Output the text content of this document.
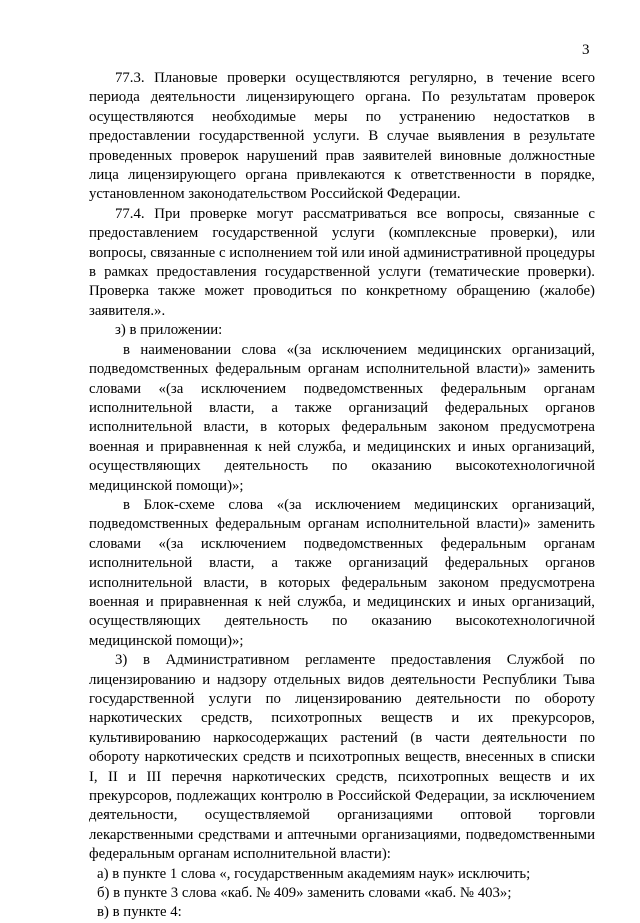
3

77.3. Плановые проверки осуществляются регулярно, в течение всего периода деятельности лицензирующего органа. По результатам проверок осуществляются необходимые меры по устранению недостатков в предоставлении государственной услуги. В случае выявления в результате проведенных проверок нарушений прав заявителей виновные должностные лица лицензирующего органа привлекаются к ответственности в порядке, установленном законодательством Российской Федерации.

77.4. При проверке могут рассматриваться все вопросы, связанные с предоставлением государственной услуги (комплексные проверки), или вопросы, связанные с исполнением той или иной административной процедуры в рамках предоставления государственной услуги (тематические проверки). Проверка также может проводиться по конкретному обращению (жалобе) заявителя.».

з) в приложении:

в наименовании слова «(за исключением медицинских организаций, подведомственных федеральным органам исполнительной власти)» заменить словами «(за исключением подведомственных федеральным органам исполнительной власти, а также организаций федеральных органов исполнительной власти, в которых федеральным законом предусмотрена военная и приравненная к ней служба, и медицинских и иных организаций, осуществляющих деятельность по оказанию высокотехнологичной медицинской помощи)»;

в Блок-схеме слова «(за исключением медицинских организаций, подведомственных федеральным органам исполнительной власти)» заменить словами «(за исключением подведомственных федеральным органам исполнительной власти, а также организаций федеральных органов исполнительной власти, в которых федеральным законом предусмотрена военная и приравненная к ней служба, и медицинских и иных организаций, осуществляющих деятельность по оказанию высокотехнологичной медицинской помощи)»;

3) в Административном регламенте предоставления Службой по лицензированию и надзору отдельных видов деятельности Республики Тыва государственной услуги по лицензированию деятельности по обороту наркотических средств, психотропных веществ и их прекурсоров, культивированию наркосодержащих растений (в части деятельности по обороту наркотических средств и психотропных веществ, внесенных в списки I, II и III перечня наркотических средств, психотропных веществ и их прекурсоров, подлежащих контролю в Российской Федерации, за исключением деятельности, осуществляемой организациями оптовой торговли лекарственными средствами и аптечными организациями, подведомственными федеральным органам исполнительной власти):

а) в пункте 1 слова «, государственным академиям наук» исключить;

б) в пункте 3 слова «каб. № 409» заменить словами «каб. № 403»;

в) в пункте 4:
